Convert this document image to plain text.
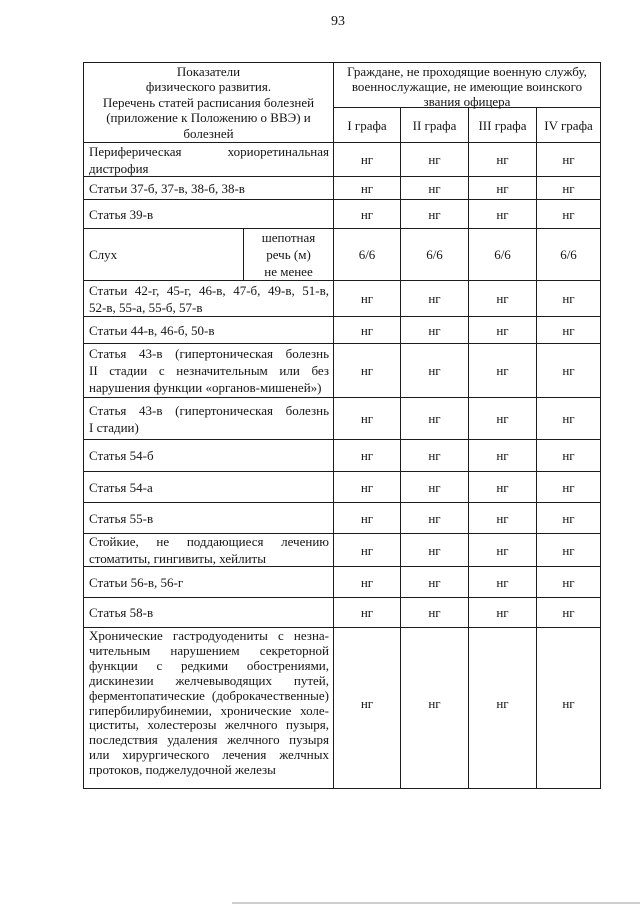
93
Показатели
физического развития.
Перечень статей расписания болезней
(приложение к Положению о ВВЭ) и
болезней
Граждане, не проходящие военную службу,
военнослужащие, не имеющие воинского
звания офицера
I графа	II графа	III графа	IV графа
Периферическая хориоретинальная
дистрофия
нг	нг	нг	нг
Статьи 37-б, 37-в, 38-б, 38-в	нг	нг	нг	нг
Статья 39-в	нг	нг	нг	нг
Слух
шепотная
речь (м)
не менее
6/6	6/6	6/6	6/6
Статьи 42-г, 45-г, 46-в, 47-б, 49-в, 51-в,
52-в, 55-а, 55-б, 57-в
нг	нг	нг	нг
Статьи 44-в, 46-б, 50-в	нг	нг	нг	нг
Статья 43-в (гипертоническая болезнь
II стадии с незначительным или без
нарушения функции «органов-мишеней»)
нг	нг	нг	нг
Статья 43-в (гипертоническая болезнь
I стадии)
нг	нг	нг	нг
Статья 54-б	нг	нг	нг	нг
Статья 54-а	нг	нг	нг	нг
Статья 55-в	нг	нг	нг	нг
Стойкие, не поддающиеся лечению
стоматиты, гингивиты, хейлиты
нг	нг	нг	нг
Статьи 56-в, 56-г	нг	нг	нг	нг
Статья 58-в	нг	нг	нг	нг
Хронические гастродуодениты с незна-
чительным нарушением секреторной
функции с редкими обострениями,
дискинезии желчевыводящих путей,
ферментопатические (доброкачественные)
гипербилирубинемии, хронические холе-
циститы, холестерозы желчного пузыря,
последствия удаления желчного пузыря
или хирургического лечения желчных
протоков, поджелудочной железы
нг	нг	нг	нг
